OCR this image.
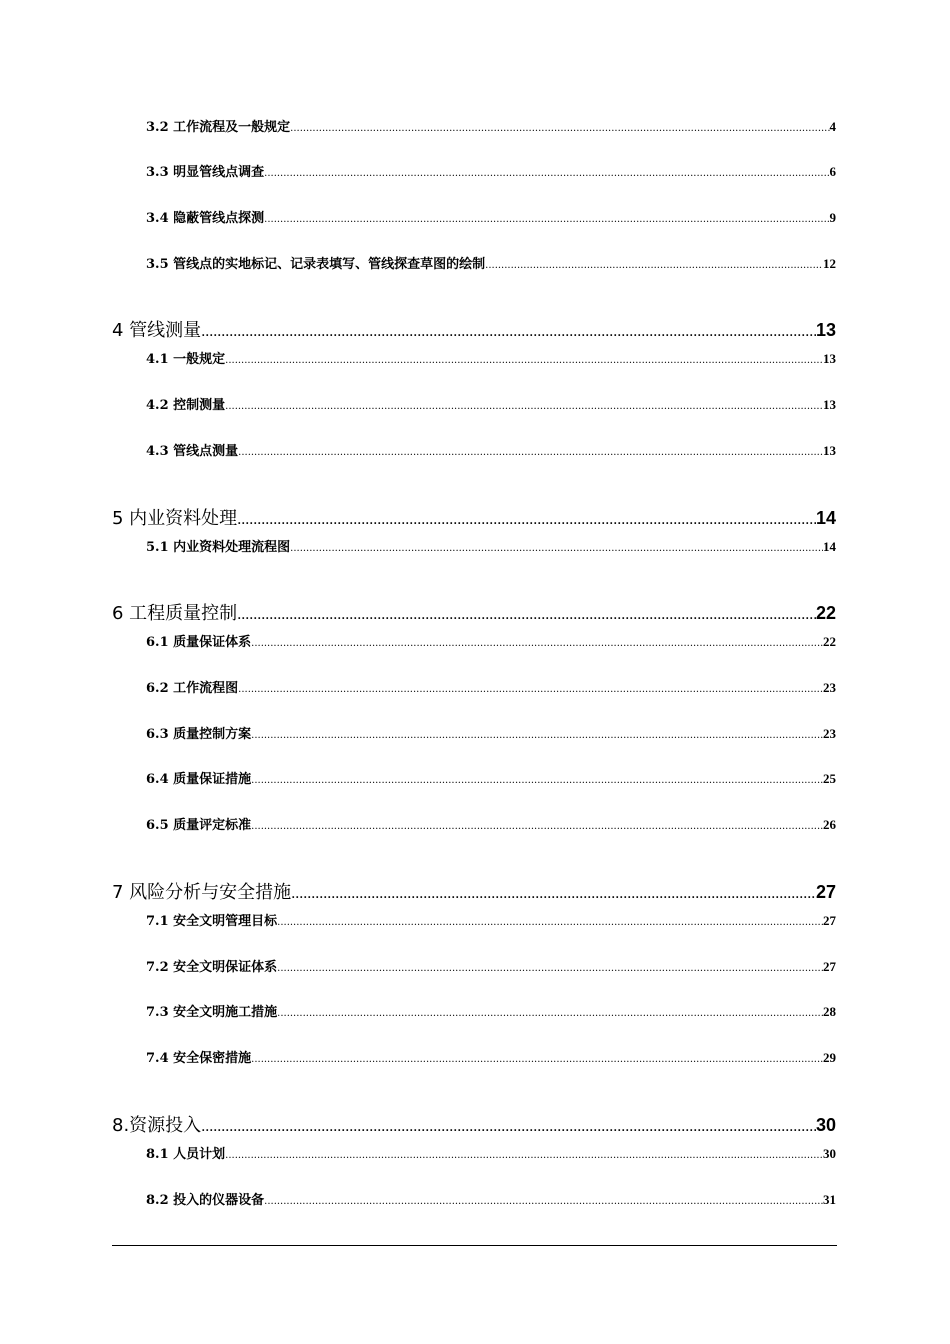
3.2 工作流程及一般规定 .....	4
3.3 明显管线点调查 .....	6
3.4 隐蔽管线点探测 .....	9
3.5 管线点的实地标记、记录表填写、管线探查草图的绘制 .....	12
4 管线测量 .....	13
4.1 一般规定 .....	13
4.2 控制测量 .....	13
4.3 管线点测量 .....	13
5 内业资料处理 .....	14
5.1 内业资料处理流程图 .....	14
6 工程质量控制 .....	22
6.1 质量保证体系 .....	22
6.2 工作流程图 .....	23
6.3 质量控制方案 .....	23
6.4 质量保证措施 .....	25
6.5 质量评定标准 .....	26
7 风险分析与安全措施 .....	27
7.1 安全文明管理目标 .....	27
7.2 安全文明保证体系 .....	27
7.3 安全文明施工措施 .....	28
7.4 安全保密措施 .....	29
8.资源投入 .....	30
8.1 人员计划 .....	30
8.2 投入的仪器设备 .....	31
